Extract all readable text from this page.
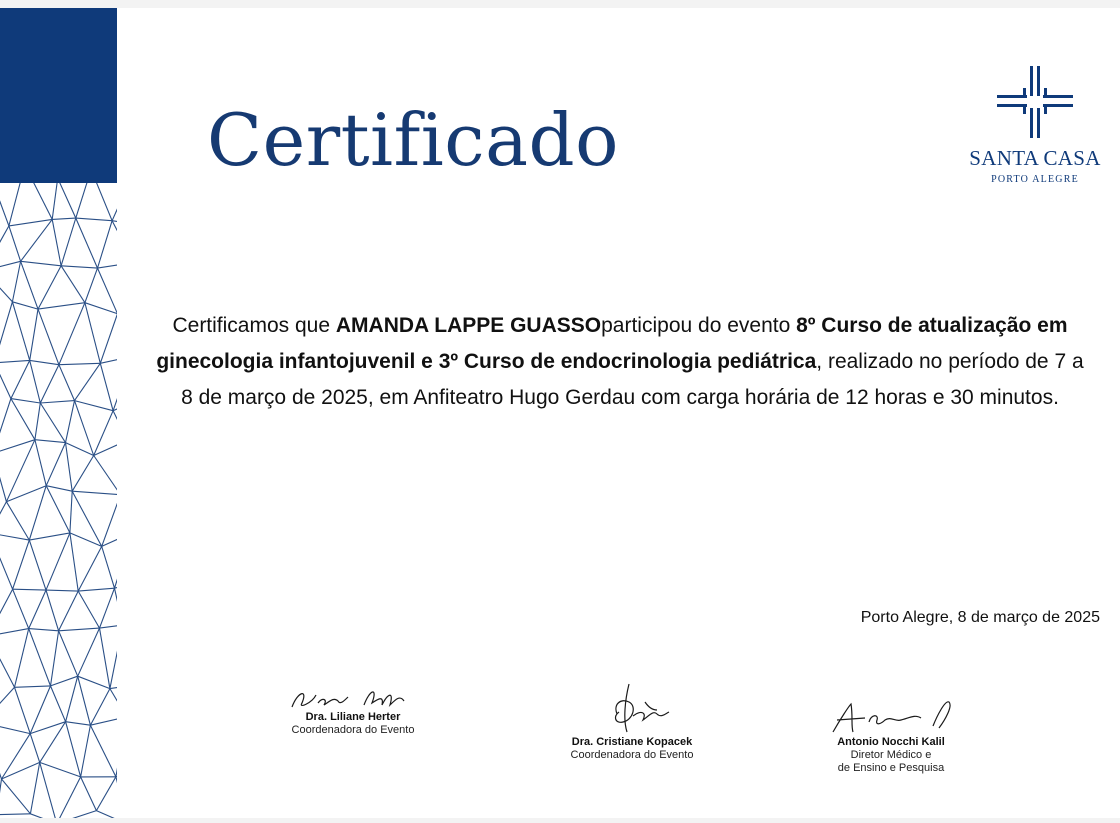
Certificado	SANTA CASA
PORTO ALEGRE

Certificamos que AMANDA LAPPE GUASSOparticipou do evento 8º Curso de atualização em ginecologia infantojuvenil e 3º Curso de endocrinologia pediátrica, realizado no período de 7 a 8 de março de 2025, em Anfiteatro Hugo Gerdau com carga horária de 12 horas e 30 minutos.

Porto Alegre, 8 de março de 2025
Dra. Liliane Herter
Coordenadora do Evento
Dra. Cristiane Kopacek
Coordenadora do Evento
Antonio Nocchi Kalil
Diretor Médico e
de Ensino e Pesquisa
